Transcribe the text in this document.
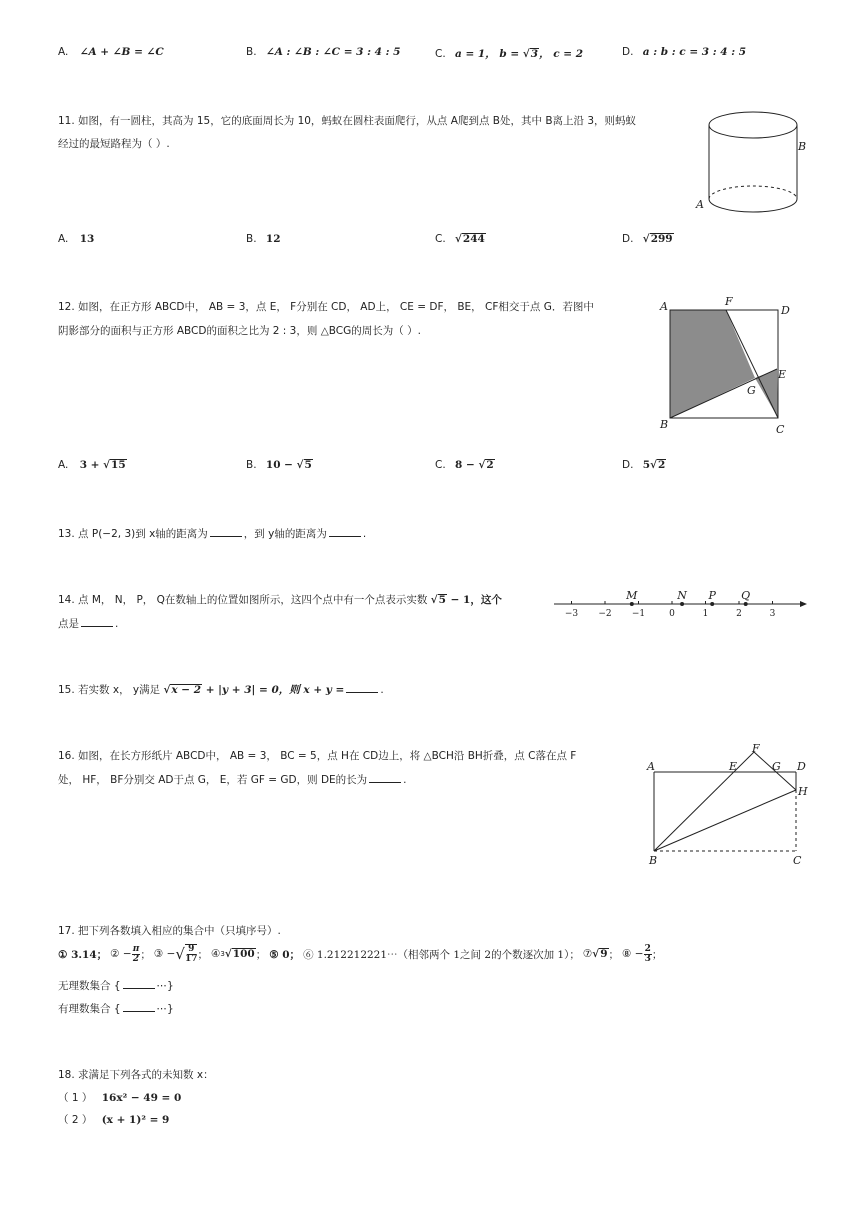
A. ∠A + ∠B = ∠C	B. ∠A : ∠B : ∠C = 3 : 4 : 5	C. a = 1， b = √3， c = 2	D. a : b : c = 3 : 4 : 5
11. 如图，有一圆柱，其高为 15，它的底面周长为 10，蚂蚁在圆柱表面爬行，从点 A爬到点 B处，其中 B离上沿 3，则蚂蚁
经过的最短路程为（ ）.
A
B
A. 13	B. 12	C. √244	D. √299
12. 如图，在正方形 ABCD中， AB = 3，点 E， F分别在 CD， AD上， CE = DF， BE， CF相交于点 G．若图中
阴影部分的面积与正方形 ABCD的面积之比为 2 : 3，则 △BCG的周长为（ ）.
A
B	C
D
E
F
G
A. 3 + √15	B. 10 − √5	C. 8 − √2	D. 5√2
13. 点 P(−2, 3)到 x轴的距离为	，到 y轴的距离为	.
14. 点 M， N， P， Q在数轴上的位置如图所示，这四个点中有一个点表示实数 √5 − 1，这个
点是	.
−3 −2 −1	0	1	2	3
M	N P Q
15. 若实数 x， y满足 √x − 2 + |y + 3| = 0，则 x + y =	.
16. 如图，在长方形纸片 ABCD中， AB = 3， BC = 5，点 H在 CD边上，将 △BCH沿 BH折叠，点 C落在点 F
处， HF， BF分别交 AD于点 G， E，若 GF = GD，则 DE的长为	.
A
B	C
D
E
F
G
H
17. 把下列各数填入相应的集合中（只填序号）.
① 3.14； ② − $\frac{\pi}{2}$ ； ③ − √ $\frac{9}{17}$ ； ④ 3 √ 100 ； ⑤ 0； ⑥ 1.212212221⋯（相邻两个 1之间 2的个数逐次加 1）； ⑦ √ 9 ； ⑧ − $\frac{2}{3}$ ；
无理数集合 {	⋯}
有理数集合 {	⋯}
18. 求满足下列各式的未知数 x：
（ 1 ） 16x² − 49 = 0
（ 2 ） (x + 1)² = 9
